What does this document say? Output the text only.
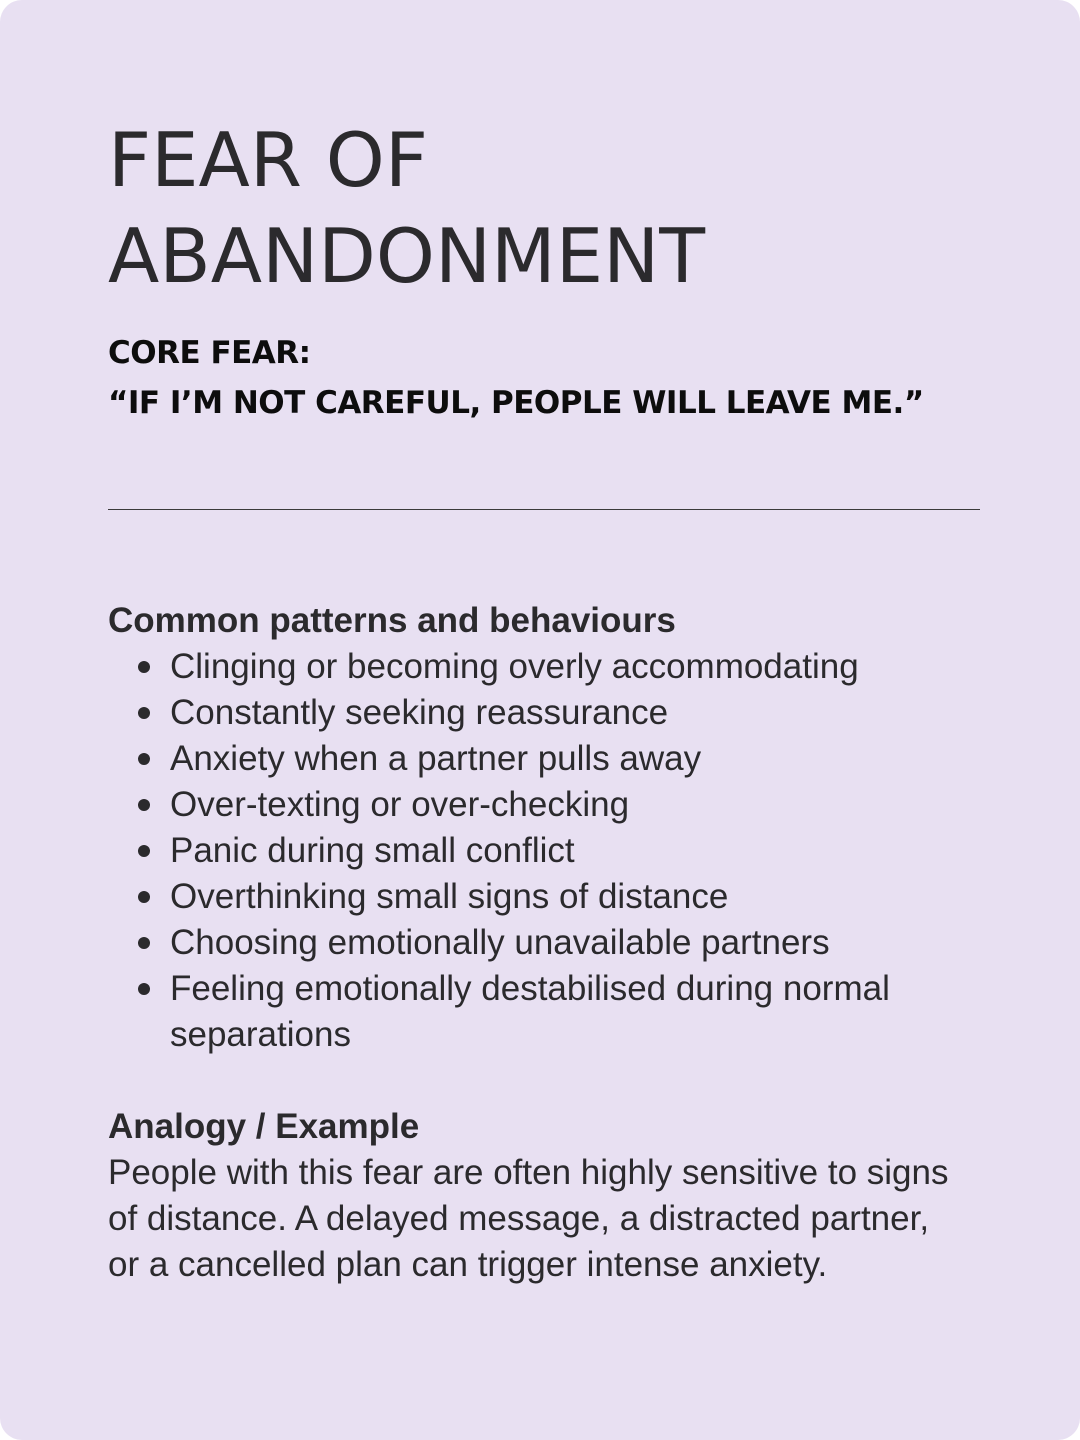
FEAR OF
ABANDONMENT
CORE FEAR:
“IF I’M NOT CAREFUL, PEOPLE WILL LEAVE ME.”
Common patterns and behaviours
Clinging or becoming overly accommodating
Constantly seeking reassurance
Anxiety when a partner pulls away
Over-texting or over-checking
Panic during small conflict
Overthinking small signs of distance
Choosing emotionally unavailable partners
Feeling emotionally destabilised during normal separations
Analogy / Example

People with this fear are often highly sensitive to signs of distance. A delayed message, a distracted partner, or a cancelled plan can trigger intense anxiety.
